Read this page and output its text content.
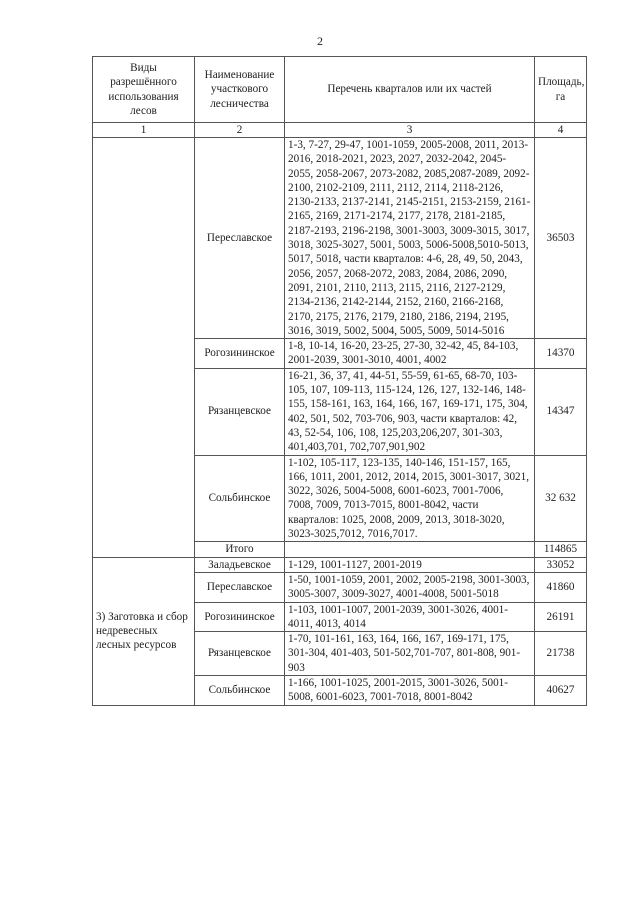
2
Виды разрешённого использования лесов	Наименование участкового лесничества	Перечень кварталов или их частей	Площадь, га
1	2	3	4
	Переславское	1-3, 7-27, 29-47, 1001-1059, 2005-2008, 2011, 2013-2016, 2018-2021, 2023, 2027, 2032-2042, 2045-2055, 2058-2067, 2073-2082, 2085,2087-2089, 2092-2100, 2102-2109, 2111, 2112, 2114, 2118-2126, 2130-2133, 2137-2141, 2145-2151, 2153-2159, 2161-2165, 2169, 2171-2174, 2177, 2178, 2181-2185, 2187-2193, 2196-2198, 3001-3003, 3009-3015, 3017, 3018, 3025-3027, 5001, 5003, 5006-5008,5010-5013, 5017, 5018, части кварталов: 4-6, 28, 49, 50, 2043, 2056, 2057, 2068-2072, 2083, 2084, 2086, 2090, 2091, 2101, 2110, 2113, 2115, 2116, 2127-2129, 2134-2136, 2142-2144, 2152, 2160, 2166-2168, 2170, 2175, 2176, 2179, 2180, 2186, 2194, 2195, 3016, 3019, 5002, 5004, 5005, 5009, 5014-5016	36503
	Рогозининское	1-8, 10-14, 16-20, 23-25, 27-30, 32-42, 45, 84-103, 2001-2039, 3001-3010, 4001, 4002	14370
	Рязанцевское	16-21, 36, 37, 41, 44-51, 55-59, 61-65, 68-70, 103-105, 107, 109-113, 115-124, 126, 127, 132-146, 148-155, 158-161, 163, 164, 166, 167, 169-171, 175, 304, 402, 501, 502, 703-706, 903, части кварталов: 42, 43, 52-54, 106, 108, 125,203,206,207, 301-303, 401,403,701, 702,707,901,902	14347
	Сольбинское	1-102, 105-117, 123-135, 140-146, 151-157, 165, 166, 1011, 2001, 2012, 2014, 2015, 3001-3017, 3021, 3022, 3026, 5004-5008, 6001-6023, 7001-7006, 7008, 7009, 7013-7015, 8001-8042, части кварталов: 1025, 2008, 2009, 2013, 3018-3020, 3023-3025,7012, 7016,7017.	32 632
	Итого		114865
3) Заготовка и сбор недревесных лесных ресурсов	Заладьевское	1-129, 1001-1127, 2001-2019	33052
	Переславское	1-50, 1001-1059, 2001, 2002, 2005-2198, 3001-3003, 3005-3007, 3009-3027, 4001-4008, 5001-5018	41860
	Рогозининское	1-103, 1001-1007, 2001-2039, 3001-3026, 4001-4011, 4013, 4014	26191
	Рязанцевское	1-70, 101-161, 163, 164, 166, 167, 169-171, 175, 301-304, 401-403, 501-502,701-707, 801-808, 901-903	21738
	Сольбинское	1-166, 1001-1025, 2001-2015, 3001-3026, 5001-5008, 6001-6023, 7001-7018, 8001-8042	40627
